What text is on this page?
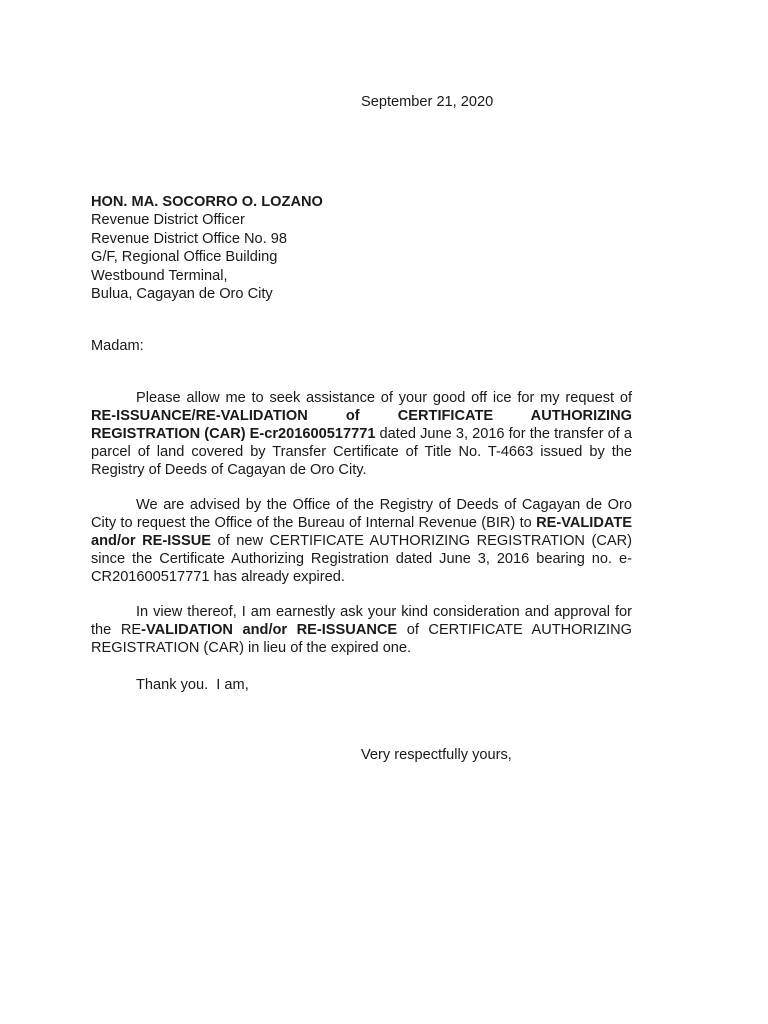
September 21, 2020
HON. MA. SOCORRO O. LOZANO
Revenue District Officer
Revenue District Office No. 98
G/F, Regional Office Building
Westbound Terminal,
Bulua, Cagayan de Oro City
Madam:

Please allow me to seek assistance of your good off ice for my request of RE-ISSUANCE/RE-VALIDATION of CERTIFICATE AUTHORIZING REGISTRATION (CAR) E-cr201600517771 dated June 3, 2016 for the transfer of a parcel of land covered by Transfer Certificate of Title No. T-4663 issued by the Registry of Deeds of Cagayan de Oro City.

We are advised by the Office of the Registry of Deeds of Cagayan de Oro City to request the Office of the Bureau of Internal Revenue (BIR) to RE-VALIDATE and/or RE-ISSUE of new CERTIFICATE AUTHORIZING REGISTRATION (CAR) since the Certificate Authorizing Registration dated June 3, 2016 bearing no. e-CR201600517771 has already expired.

In view thereof, I am earnestly ask your kind consideration and approval for the RE-VALIDATION and/or RE-ISSUANCE of CERTIFICATE AUTHORIZING REGISTRATION (CAR) in lieu of the expired one.

Thank you.  I am,
Very respectfully yours,
